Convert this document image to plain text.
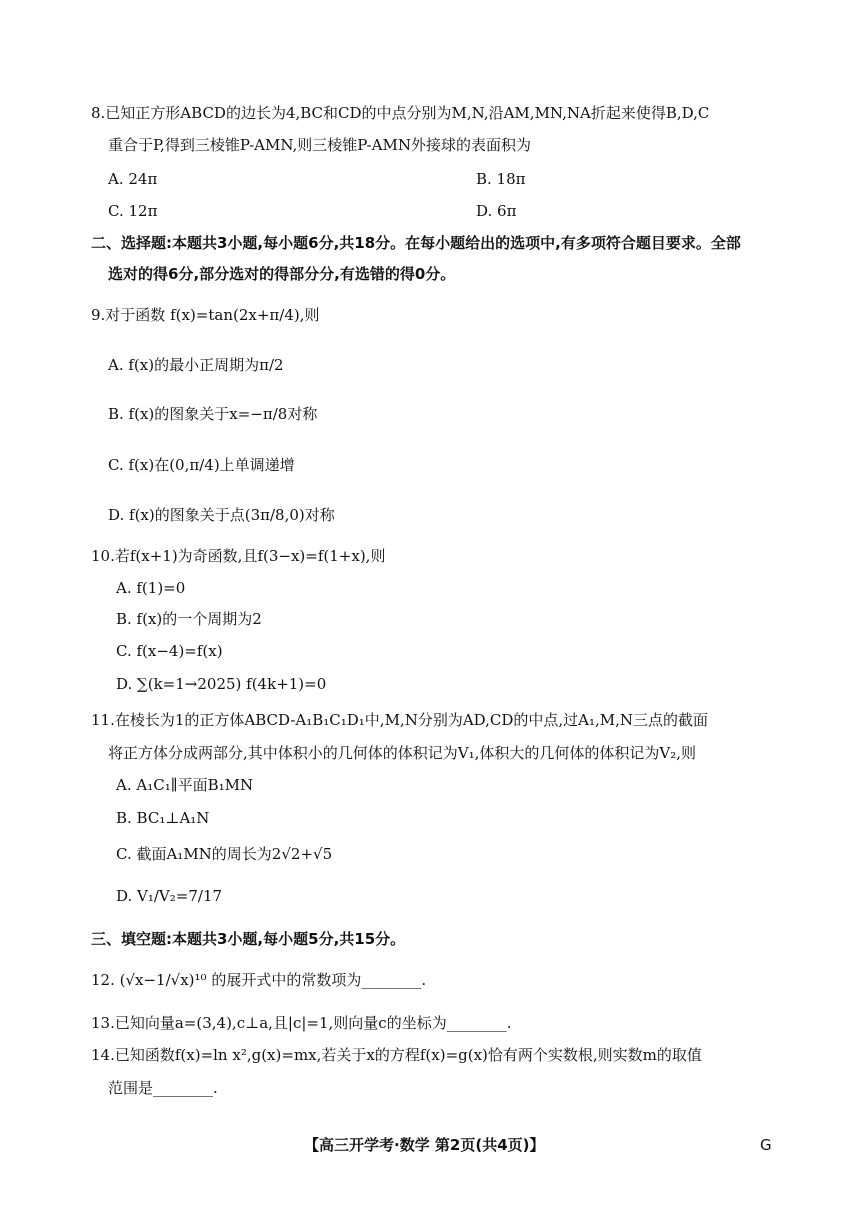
8.已知正方形ABCD的边长为4,BC和CD的中点分别为M,N,沿AM,MN,NA折起来使得B,D,C
重合于P,得到三棱锥P-AMN,则三棱锥P-AMN外接球的表面积为
A. 24π	B. 18π
C. 12π	D. 6π
二、选择题:本题共3小题,每小题6分,共18分。在每小题给出的选项中,有多项符合题目要求。全部
选对的得6分,部分选对的得部分分,有选错的得0分。
9.对于函数 f(x)=tan(2x+π/4),则
A. f(x)的最小正周期为π/2
B. f(x)的图象关于x=−π/8对称
C. f(x)在(0,π/4)上单调递增
D. f(x)的图象关于点(3π/8,0)对称
10.若f(x+1)为奇函数,且f(3−x)=f(1+x),则
A. f(1)=0
B. f(x)的一个周期为2
C. f(x−4)=f(x)
D. ∑(k=1→2025) f(4k+1)=0
11.在棱长为1的正方体ABCD-A₁B₁C₁D₁中,M,N分别为AD,CD的中点,过A₁,M,N三点的截面
将正方体分成两部分,其中体积小的几何体的体积记为V₁,体积大的几何体的体积记为V₂,则
A. A₁C₁∥平面B₁MN
B. BC₁⊥A₁N
C. 截面A₁MN的周长为2√2+√5
D. V₁/V₂=7/17
三、填空题:本题共3小题,每小题5分,共15分。
12. (√x−1/√x)¹⁰ 的展开式中的常数项为________.
13.已知向量a=(3,4),c⊥a,且|c|=1,则向量c的坐标为________.
14.已知函数f(x)=ln x²,g(x)=mx,若关于x的方程f(x)=g(x)恰有两个实数根,则实数m的取值
范围是________.
【高三开学考·数学 第2页(共4页)】	G
